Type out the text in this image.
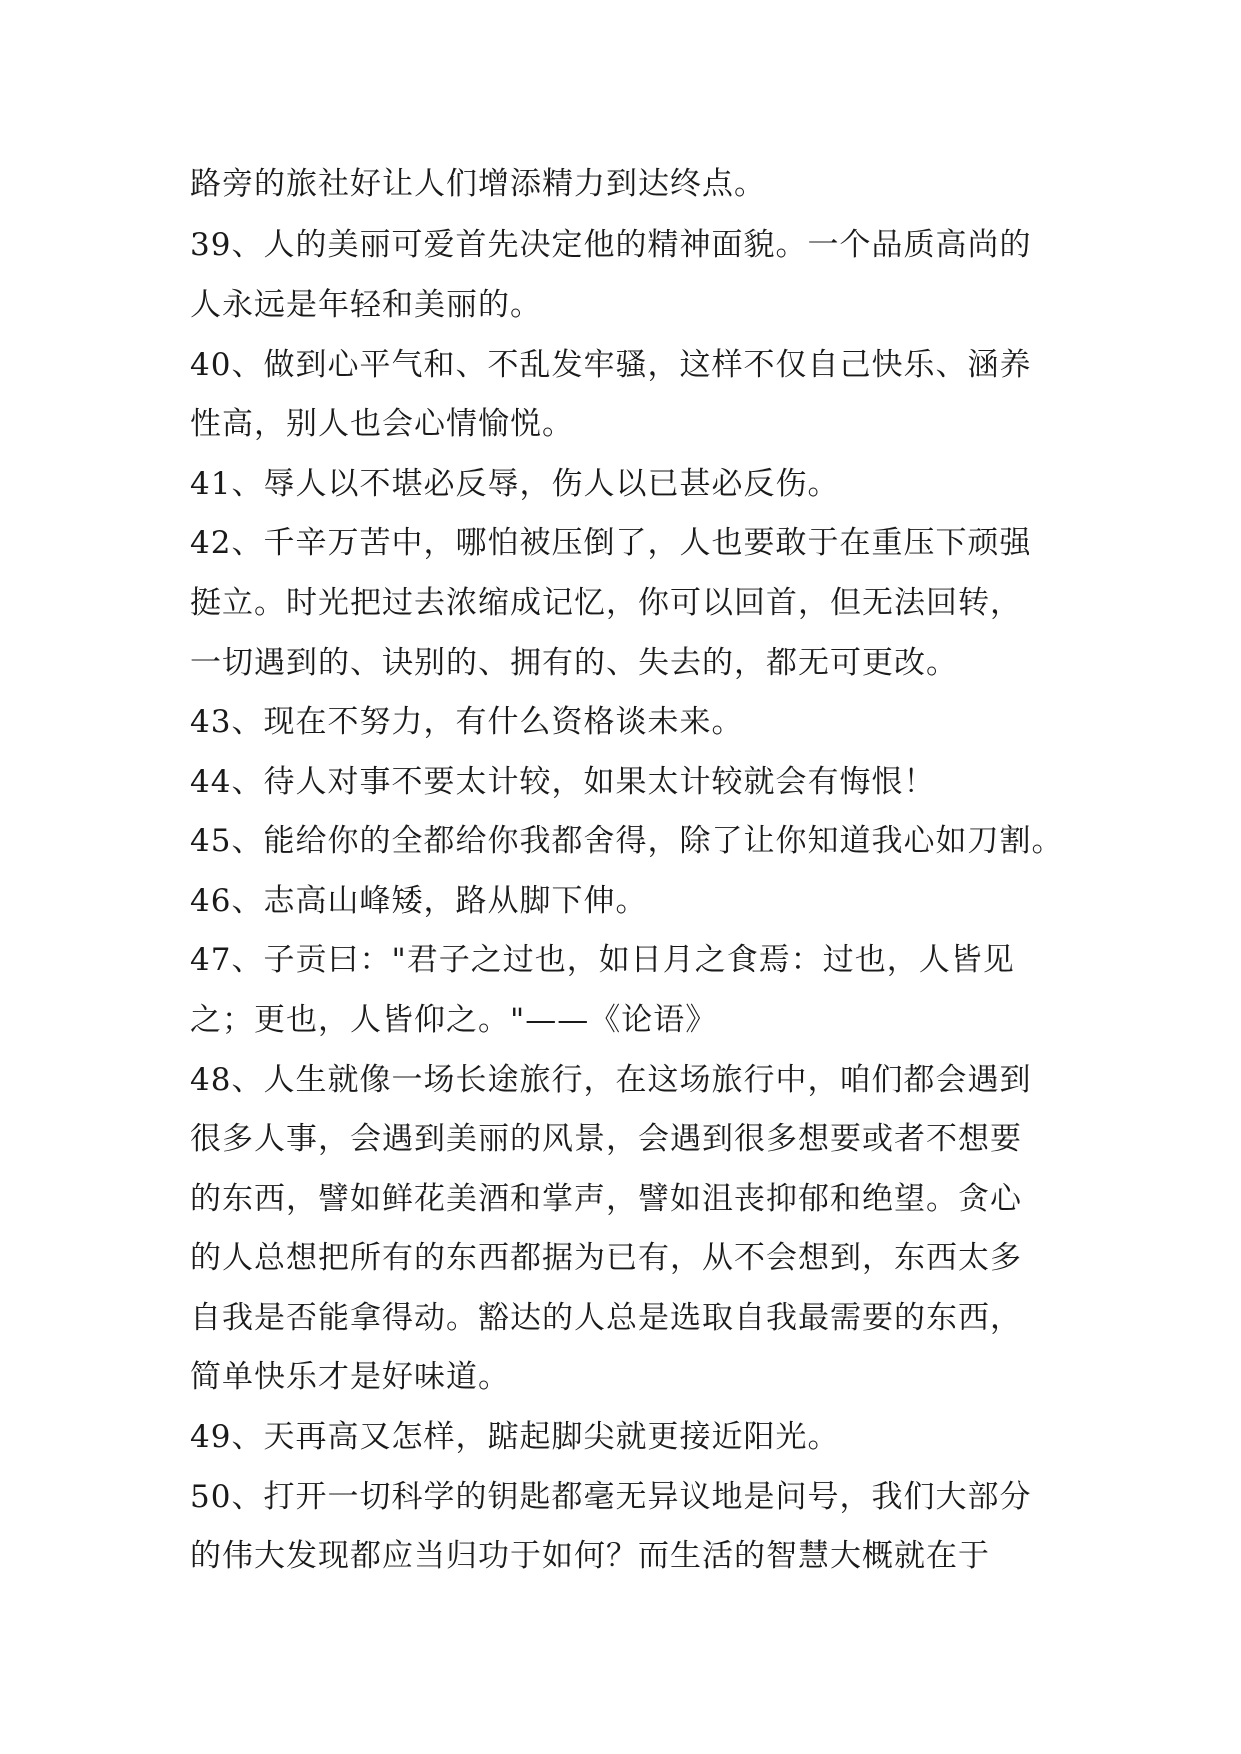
路旁的旅社好让人们增添精力到达终点。
39、人的美丽可爱首先决定他的精神面貌。一个品质高尚的
人永远是年轻和美丽的。
40、做到心平气和、不乱发牢骚，这样不仅自己快乐、涵养
性高，别人也会心情愉悦。
41、辱人以不堪必反辱，伤人以已甚必反伤。
42、千辛万苦中，哪怕被压倒了，人也要敢于在重压下顽强
挺立。时光把过去浓缩成记忆，你可以回首，但无法回转，
一切遇到的、诀别的、拥有的、失去的，都无可更改。
43、现在不努力，有什么资格谈未来。
44、待人对事不要太计较，如果太计较就会有悔恨！
45、能给你的全都给你我都舍得，除了让你知道我心如刀割。
46、志高山峰矮，路从脚下伸。
47、子贡曰："君子之过也，如日月之食焉：过也，人皆见
之；更也，人皆仰之。"——《论语》
48、人生就像一场长途旅行，在这场旅行中，咱们都会遇到
很多人事，会遇到美丽的风景，会遇到很多想要或者不想要
的东西，譬如鲜花美酒和掌声，譬如沮丧抑郁和绝望。贪心
的人总想把所有的东西都据为已有，从不会想到，东西太多
自我是否能拿得动。豁达的人总是选取自我最需要的东西，
简单快乐才是好味道。
49、天再高又怎样，踮起脚尖就更接近阳光。
50、打开一切科学的钥匙都毫无异议地是问号，我们大部分
的伟大发现都应当归功于如何？而生活的智慧大概就在于
